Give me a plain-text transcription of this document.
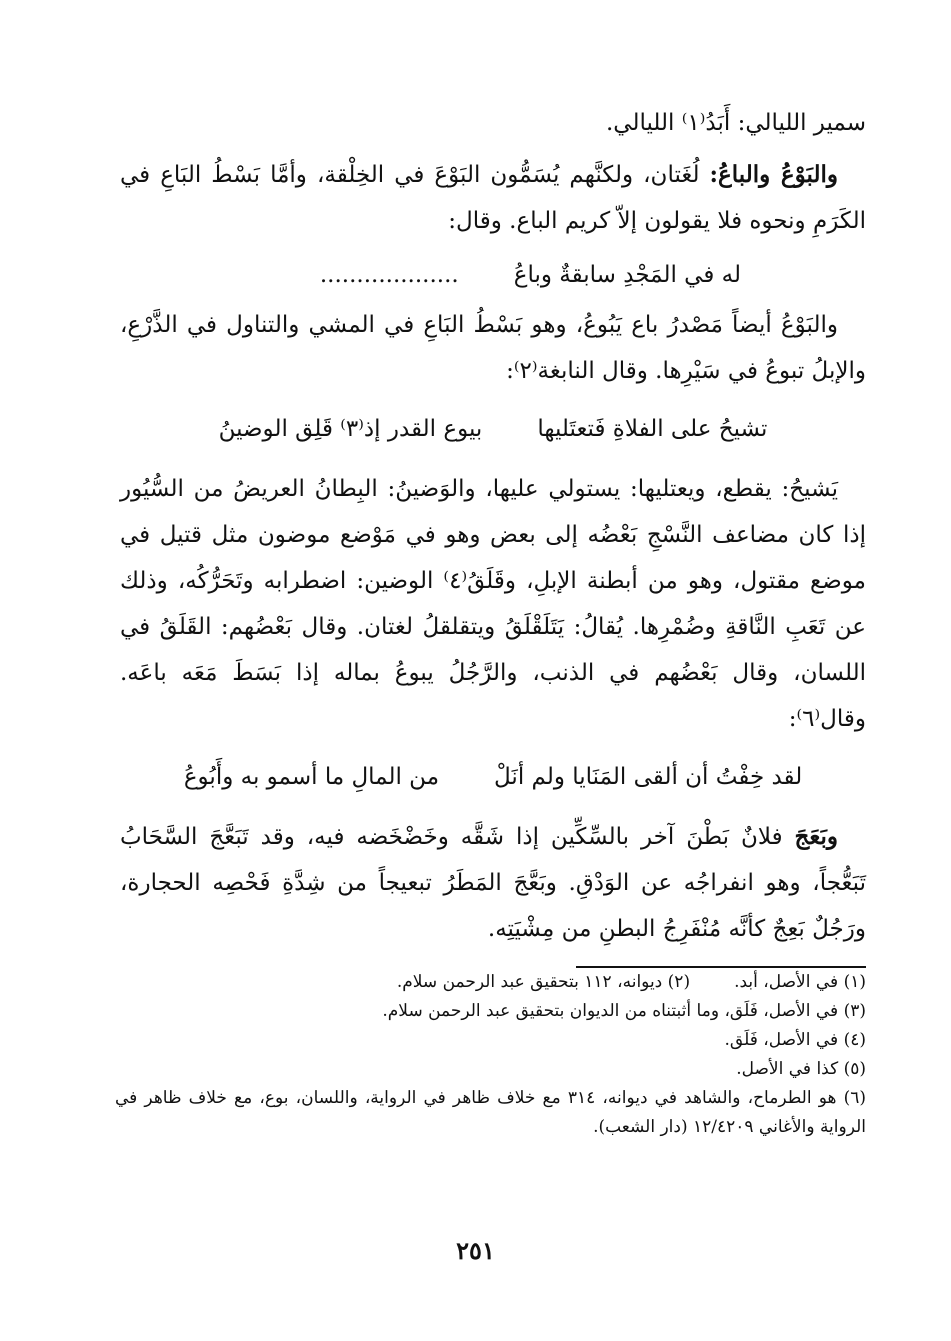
سمير الليالي: أَبَدُ⁽١⁾ الليالي.

والبَوْعُ والباعُ: لُغَتان، ولكنَّهم يُسَمُّون البَوْعَ في الخِلْقة، وأمَّا بَسْطُ البَاعِ في الكَرَمِ ونحوه فلا يقولون إلاّ كريم الباع. وقال:

له في المَجْدِ سابقةٌ وباعُ...................

والبَوْعُ أيضاً مَصْدرُ باع يَبُوعُ، وهو بَسْطُ البَاعِ في المشي والتناول في الذَّرْعِ، والإبلُ تبوعُ في سَيْرِها. وقال النابغة⁽٢⁾:

تشيحُ على الفلاةِ فَتعتَليها
بيوع القدر إذ⁽٣⁾ قَلِق الوضينُ

يَشيحُ: يقطع، ويعتليها: يستولي عليها، والوَضينُ: البِطانُ العريضُ من السُّيُور إذا كان مضاعف النَّسْجِ بَعْضُه إلى بعض وهو في مَوْضع موضون مثل قتيل في موضع مقتول، وهو من أبطنة الإبلِ، وقَلَقُ⁽٤⁾ الوضين: اضطرابه وتَحَرُّكُه، وذلك عن تَعَبِ النَّاقةِ وضُمْرِها. يُقالُ: يَتَلَقْلَقُ ويتقلقلُ لغتان. وقال بَعْضُهم: القَلَقُ في اللسان، وقال بَعْضُهم في الذنب، والرَّجُلُ يبوعُ بماله إذا بَسَطَ مَعَه باعَه. وقال⁽٦⁾:

لقد خِفْتُ أن ألقى المَنَايا ولم أنَلْ
من المالِ ما أسمو به وأَبُوعُ

وبَعَجَ فلانٌ بَطْنَ آخر بالسِّكِّين إذا شَقَّه وخَضْخَضه فيه، وقد تَبَعَّجَ السَّحَابُ تَبَعُّجاً، وهو انفراجُه عن الوَدْقِ. وبَعَّجَ المَطَرُ تبعيجاً من شِدَّةِ فَحْصِه الحجارة، ورَجُلٌ بَعِجٌ كأنَّه مُنْفَرِجُ البطنِ من مِشْيَتِه.

(١) في الأصل، أبد.
(٢) ديوانه، ١١٢ بتحقيق عبد الرحمن سلام.

(٣) في الأصل، فَلَق، وما أثبتناه من الديوان بتحقيق عبد الرحمن سلام.

(٤) في الأصل، فَلَق.

(٥) كذا في الأصل.

(٦) هو الطرماح، والشاهد في ديوانه، ٣١٤ مع خلاف ظاهر في الرواية، واللسان، بوع، مع خلاف ظاهر في الرواية والأغاني ١٢/٤٢٠٩ (دار الشعب).

٢٥١
